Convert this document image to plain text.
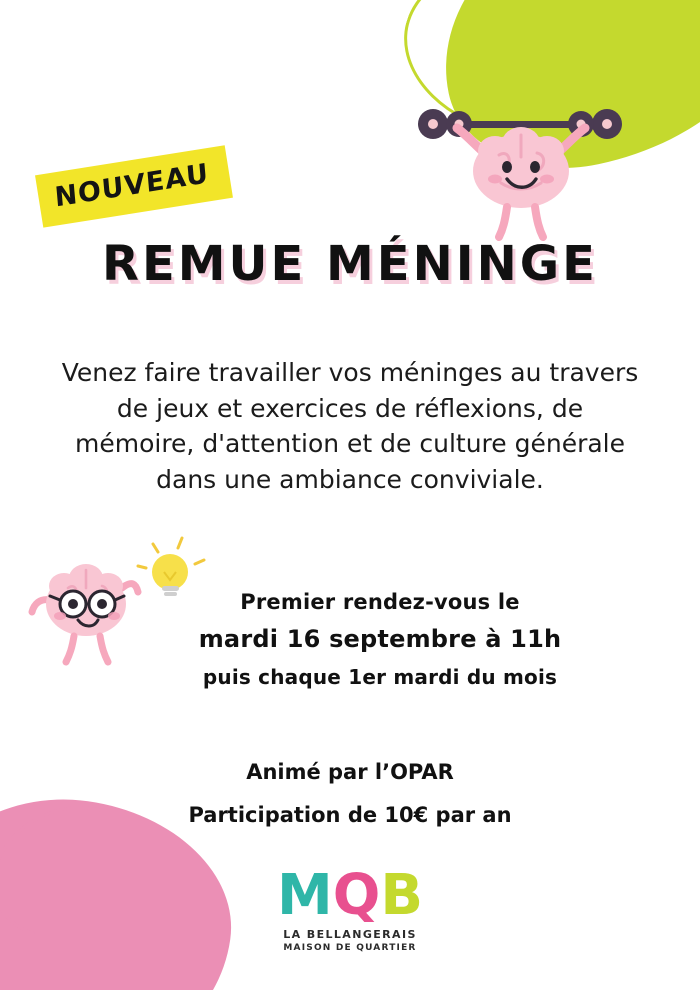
NOUVEAU
REMUE MÉNINGE
Venez faire travailler vos méninges au travers de jeux et exercices de réflexions, de mémoire, d'attention et de culture générale dans une ambiance conviviale.
Premier rendez-vous le
mardi 16 septembre à 11h
puis chaque 1er mardi du mois
Animé par l’OPAR
Participation de 10€ par an
MQB
LA BELLANGERAIS
MAISON DE QUARTIER
